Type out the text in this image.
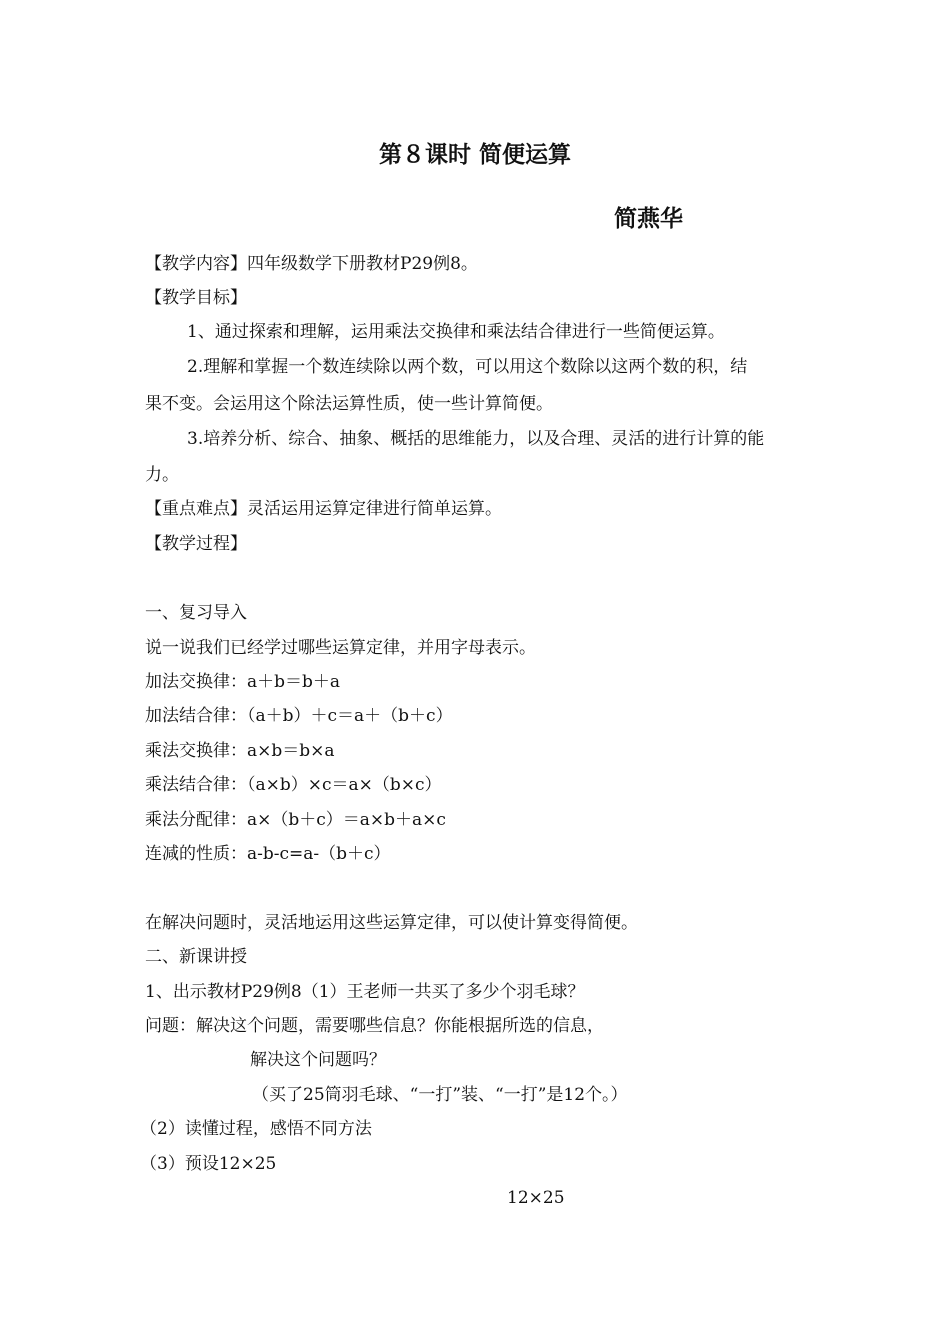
第８课时 简便运算
简燕华
【教学内容】四年级数学下册教材P29例8。
【教学目标】
1、通过探索和理解，运用乘法交换律和乘法结合律进行一些简便运算。
2.理解和掌握一个数连续除以两个数，可以用这个数除以这两个数的积，结
果不变。会运用这个除法运算性质，使一些计算简便。
3.培养分析、综合、抽象、概括的思维能力，以及合理、灵活的进行计算的能
力。
【重点难点】灵活运用运算定律进行简单运算。
【教学过程】
一、复习导入
说一说我们已经学过哪些运算定律，并用字母表示。
加法交换律：a＋b＝b＋a
加法结合律：（a＋b）＋c＝a＋（b＋c）
乘法交换律：a×b＝b×a
乘法结合律：（a×b）×c＝a×（b×c）
乘法分配律：a×（b＋c）＝a×b＋a×c
连减的性质：a-b-c=a-（b＋c）
在解决问题时，灵活地运用这些运算定律，可以使计算变得简便。
二、新课讲授
1、出示教材P29例8（1）王老师一共买了多少个羽毛球？
问题：解决这个问题，需要哪些信息？你能根据所选的信息，
解决这个问题吗？
（买了25筒羽毛球、“一打”装、“一打”是12个。）
（2）读懂过程，感悟不同方法
（3）预设12×25
12×25
